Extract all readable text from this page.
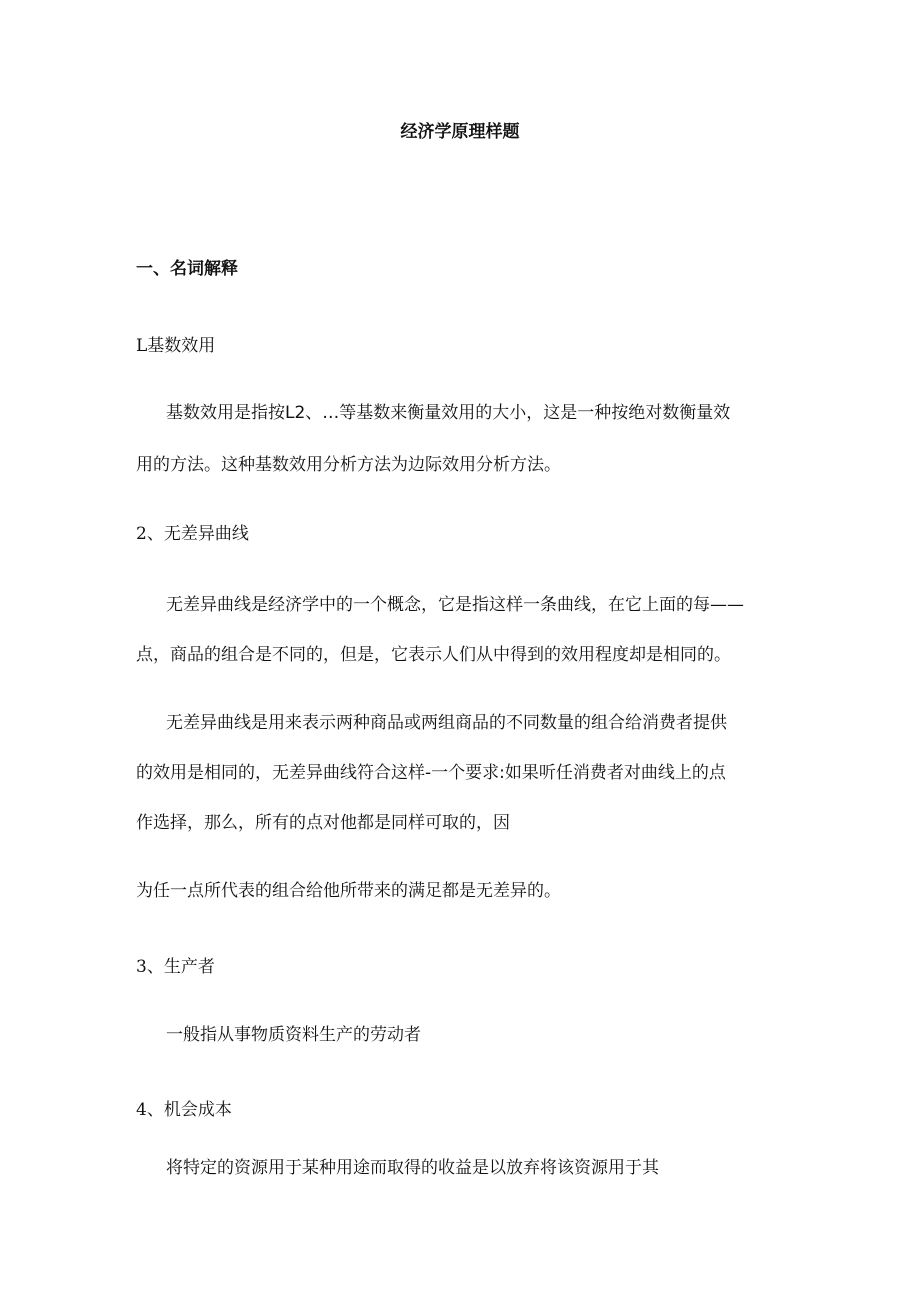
经济学原理样题
一、名词解释
L基数效用
基数效用是指按L2、…等基数来衡量效用的大小，这是一种按绝对数衡量效
用的方法。这种基数效用分析方法为边际效用分析方法。
2、无差异曲线
无差异曲线是经济学中的一个概念，它是指这样一条曲线，在它上面的每——
点，商品的组合是不同的，但是，它表示人们从中得到的效用程度却是相同的。
无差异曲线是用来表示两种商品或两组商品的不同数量的组合给消费者提供
的效用是相同的，无差异曲线符合这样-一个要求:如果听任消费者对曲线上的点
作选择，那么，所有的点对他都是同样可取的，因
为任一点所代表的组合给他所带来的满足都是无差异的。
3、生产者
一般指从事物质资料生产的劳动者
4、机会成本
将特定的资源用于某种用途而取得的收益是以放弃将该资源用于其
